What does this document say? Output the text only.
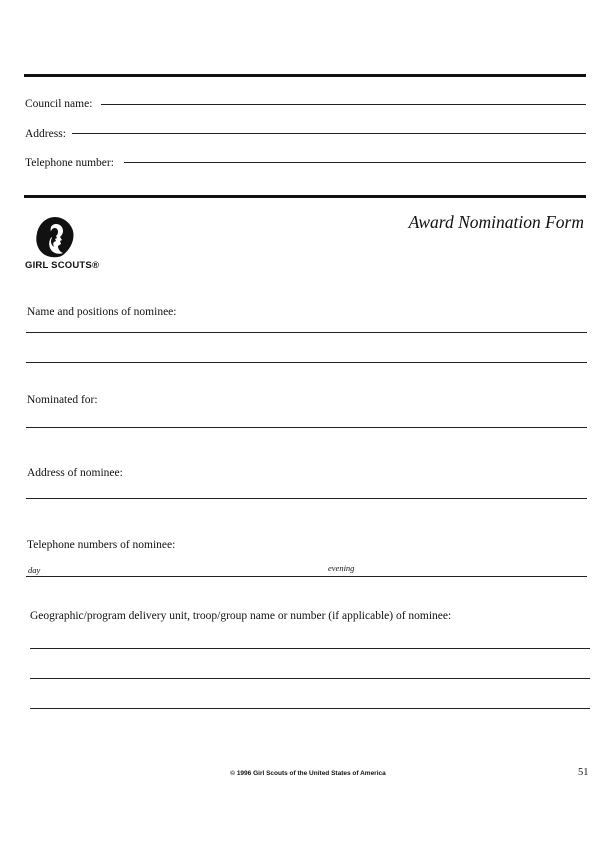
Council name:
Address:
Telephone number:
GIRL SCOUTS®
Award Nomination Form
Name and positions of nominee:
Nominated for:
Address of nominee:
Telephone numbers of nominee:
day	evening
Geographic/program delivery unit, troop/group name or number (if applicable) of nominee:
© 1996 Girl Scouts of the United States of America	51
